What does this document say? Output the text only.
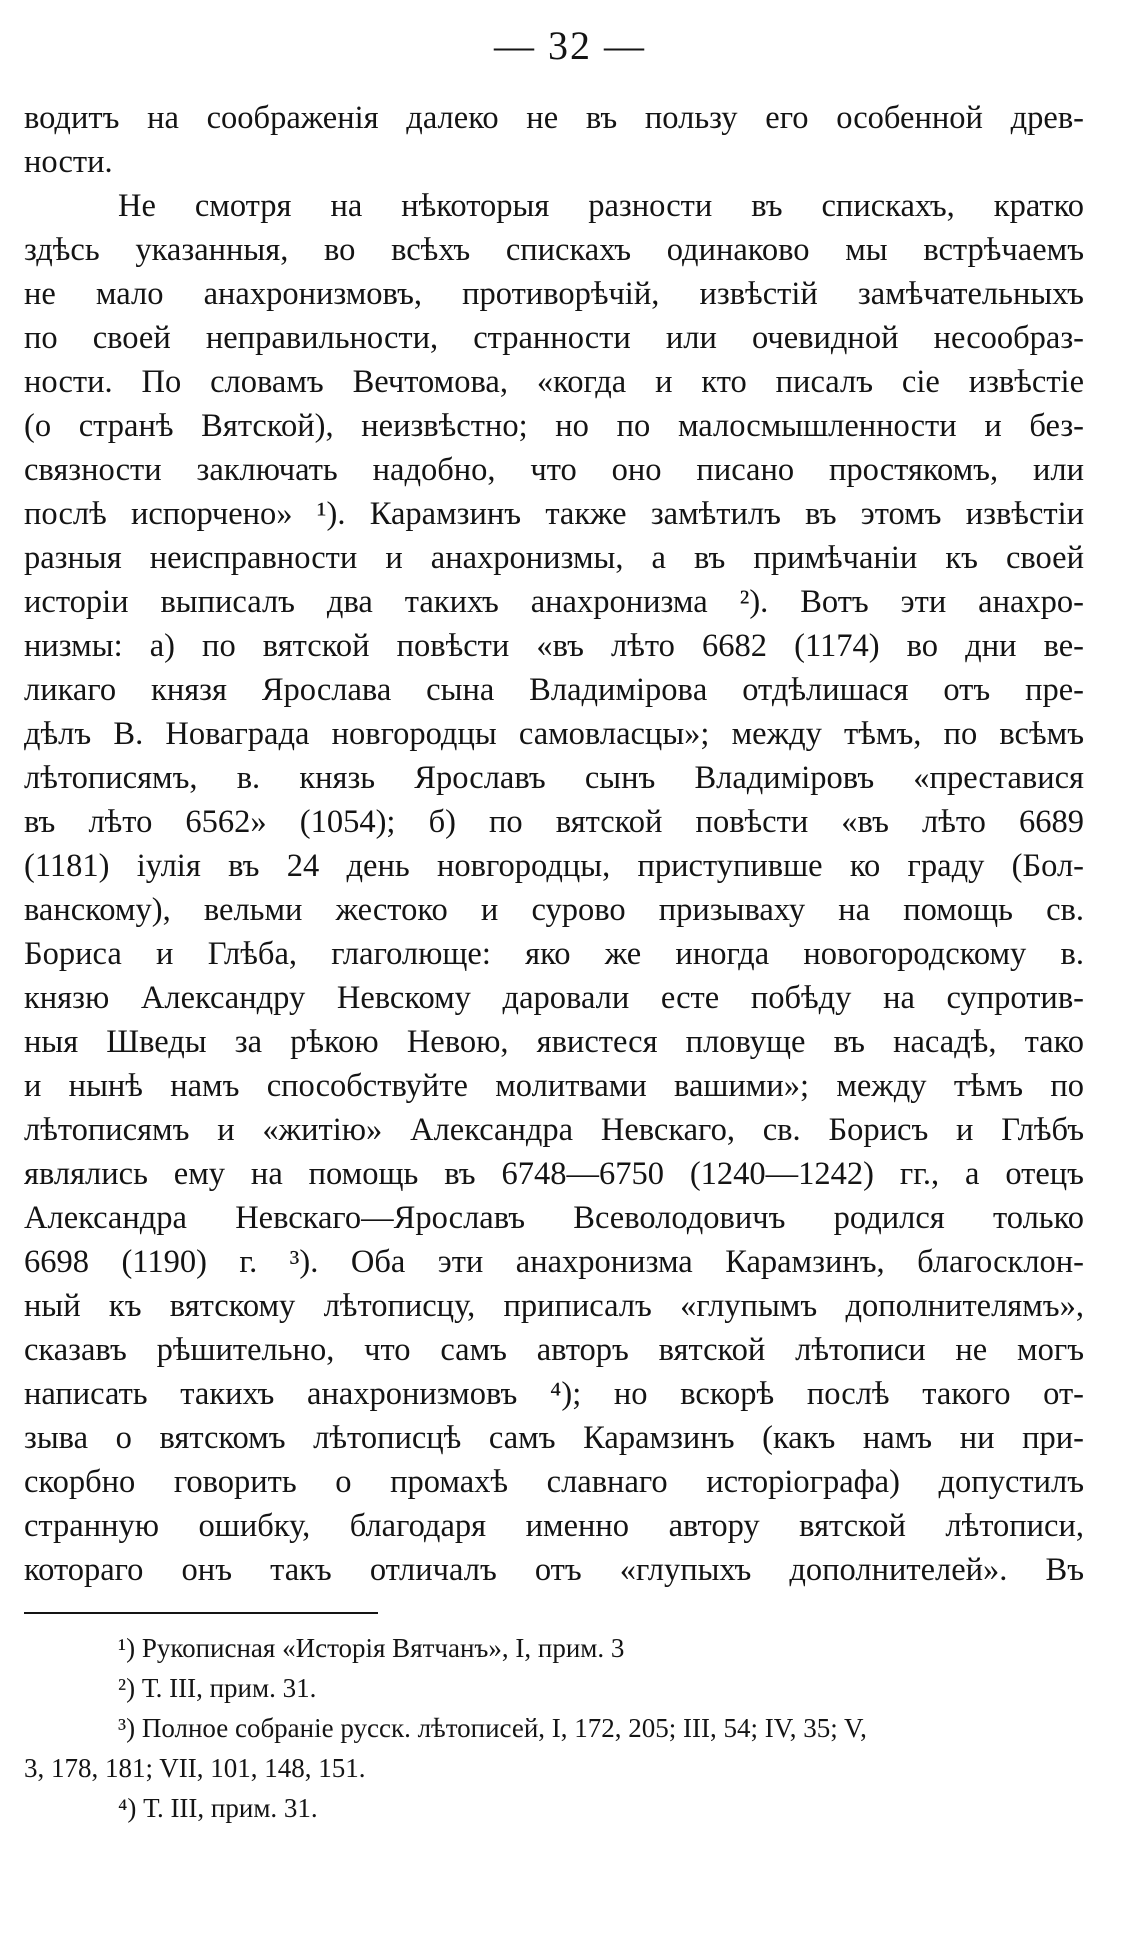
— 32 —
водитъ на соображенія далеко не въ пользу его особенной древ-
ности.
Не смотря на нѣкоторыя разности въ спискахъ, кратко
здѣсь указанныя, во всѣхъ спискахъ одинаково мы встрѣчаемъ
не мало анахронизмовъ, противорѣчій, извѣстій замѣчательныхъ
по своей неправильности, странности или очевидной несообраз-
ности. По словамъ Вечтомова, «когда и кто писалъ сіе извѣстіе
(о странѣ Вятской), неизвѣстно; но по малосмышленности и без-
связности заключать надобно, что оно писано простякомъ, или
послѣ испорчено» ¹). Карамзинъ также замѣтилъ въ этомъ извѣстіи
разныя неисправности и анахронизмы, а въ примѣчаніи къ своей
исторіи выписалъ два такихъ анахронизма ²). Вотъ эти анахро-
низмы: а) по вятской повѣсти «въ лѣто 6682 (1174) во дни ве-
ликаго князя Ярослава сына Владиміровa отдѣлишася отъ пре-
дѣлъ В. Новаграда новгородцы самовласцы»; между тѣмъ, по всѣмъ
лѣтописямъ, в. князь Ярославъ сынъ Владиміровъ «преставися
въ лѣто 6562» (1054); б) по вятской повѣсти «въ лѣто 6689
(1181) іулія въ 24 день новгородцы, приступивше ко граду (Бол-
ванскому), вельми жестоко и сурово призываху на помощь св.
Бориса и Глѣба, глаголюще: яко же иногда новогородскому в.
князю Александру Невскому даровали есте побѣду на супротив-
ныя Шведы за рѣкою Невою, явистеся пловуще въ насадѣ, тако
и нынѣ намъ способствуйте молитвами вашими»; между тѣмъ по
лѣтописямъ и «житію» Александра Невскаго, св. Борисъ и Глѣбъ
являлись ему на помощь въ 6748—6750 (1240—1242) гг., а отецъ
Александра Невскаго—Ярославъ Всеволодовичъ родился только
6698 (1190) г. ³). Оба эти анахронизма Карамзинъ, благосклон-
ный къ вятскому лѣтописцу, приписалъ «глупымъ дополнителямъ»,
сказавъ рѣшительно, что самъ авторъ вятской лѣтописи не могъ
написать такихъ анахронизмовъ ⁴); но вскорѣ послѣ такого от-
зыва о вятскомъ лѣтописцѣ самъ Карамзинъ (какъ намъ ни при-
скорбно говорить о промахѣ славнаго исторіографа) допустилъ
странную ошибку, благодаря именно автору вятской лѣтописи,
котораго онъ такъ отличалъ отъ «глупыхъ дополнителей». Въ
¹) Рукописная «Исторія Вятчанъ», I, прим. 3
²) Т. III, прим. 31.
³) Полное собраніе русск. лѣтописей, I, 172, 205; III, 54; IV, 35; V,
3, 178, 181; VII, 101, 148, 151.
⁴) Т. III, прим. 31.
